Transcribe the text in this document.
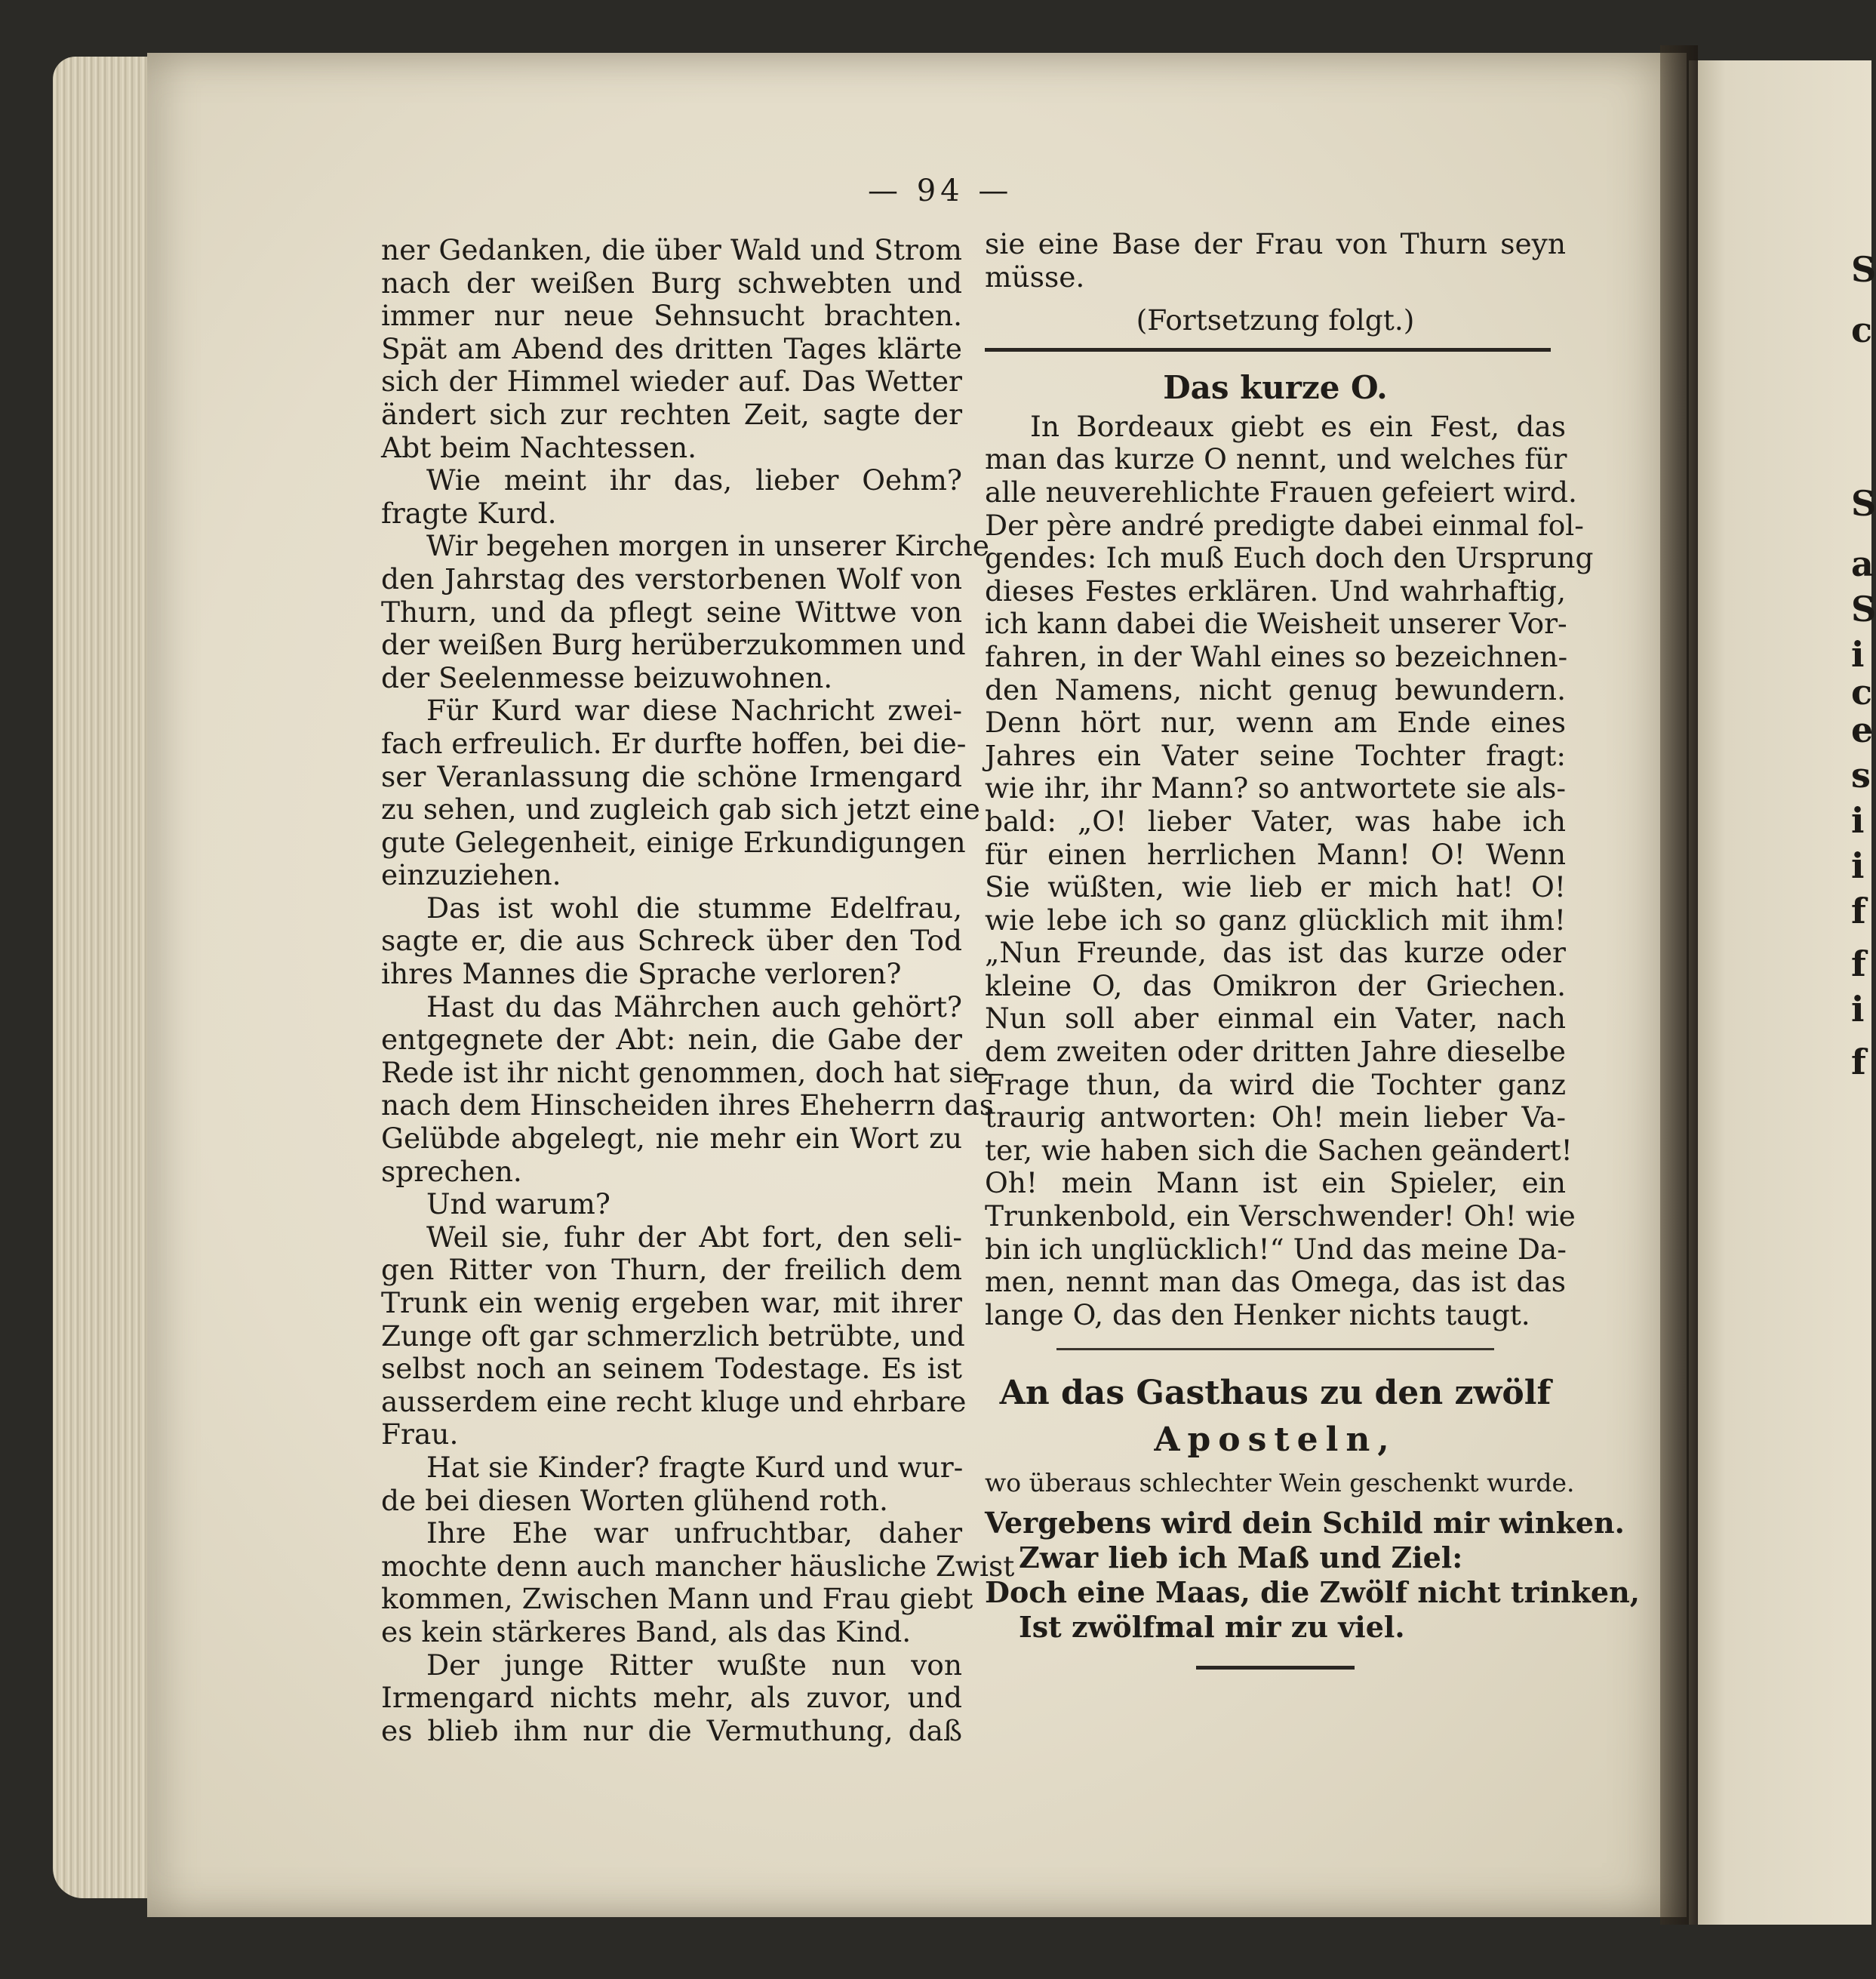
S
c
S
a
S
i
c
e
s
i
i
f
f
i
f
— 94 —
ner Gedanken, die über Wald und Strom
nach der weißen Burg schwebten und
immer nur neue Sehnsucht brachten.
Spät am Abend des dritten Tages klärte
sich der Himmel wieder auf. Das Wetter
ändert sich zur rechten Zeit, sagte der
Abt beim Nachtessen.
Wie meint ihr das, lieber Oehm?
fragte Kurd.
Wir begehen morgen in unserer Kirche
den Jahrstag des verstorbenen Wolf von
Thurn, und da pflegt seine Wittwe von
der weißen Burg herüberzukommen und
der Seelenmesse beizuwohnen.
Für Kurd war diese Nachricht zwei-
fach erfreulich. Er durfte hoffen, bei die-
ser Veranlassung die schöne Irmengard
zu sehen, und zugleich gab sich jetzt eine
gute Gelegenheit, einige Erkundigungen
einzuziehen.
Das ist wohl die stumme Edelfrau,
sagte er, die aus Schreck über den Tod
ihres Mannes die Sprache verloren?
Hast du das Mährchen auch gehört?
entgegnete der Abt: nein, die Gabe der
Rede ist ihr nicht genommen, doch hat sie
nach dem Hinscheiden ihres Eheherrn das
Gelübde abgelegt, nie mehr ein Wort zu
sprechen.
Und warum?
Weil sie, fuhr der Abt fort, den seli-
gen Ritter von Thurn, der freilich dem
Trunk ein wenig ergeben war, mit ihrer
Zunge oft gar schmerzlich betrübte, und
selbst noch an seinem Todestage. Es ist
ausserdem eine recht kluge und ehrbare
Frau.
Hat sie Kinder? fragte Kurd und wur-
de bei diesen Worten glühend roth.
Ihre Ehe war unfruchtbar, daher
mochte denn auch mancher häusliche Zwist
kommen, Zwischen Mann und Frau giebt
es kein stärkeres Band, als das Kind.
Der junge Ritter wußte nun von
Irmengard nichts mehr, als zuvor, und
es blieb ihm nur die Vermuthung, daß
sie eine Base der Frau von Thurn seyn
müsse.
(Fortsetzung folgt.)
Das kurze O.
In Bordeaux giebt es ein Fest, das
man das kurze O nennt, und welches für
alle neuverehlichte Frauen gefeiert wird.
Der père andré predigte dabei einmal fol-
gendes: Ich muß Euch doch den Ursprung
dieses Festes erklären. Und wahrhaftig,
ich kann dabei die Weisheit unserer Vor-
fahren, in der Wahl eines so bezeichnen-
den Namens, nicht genug bewundern.
Denn hört nur, wenn am Ende eines
Jahres ein Vater seine Tochter fragt:
wie ihr, ihr Mann? so antwortete sie als-
bald: „O! lieber Vater, was habe ich
für einen herrlichen Mann! O! Wenn
Sie wüßten, wie lieb er mich hat! O!
wie lebe ich so ganz glücklich mit ihm!
„Nun Freunde, das ist das kurze oder
kleine O, das Omikron der Griechen.
Nun soll aber einmal ein Vater, nach
dem zweiten oder dritten Jahre dieselbe
Frage thun, da wird die Tochter ganz
traurig antworten: Oh! mein lieber Va-
ter, wie haben sich die Sachen geändert!
Oh! mein Mann ist ein Spieler, ein
Trunkenbold, ein Verschwender! Oh! wie
bin ich unglücklich!“ Und das meine Da-
men, nennt man das Omega, das ist das
lange O, das den Henker nichts taugt.
An das Gasthaus zu den zwölf
Aposteln,
wo überaus schlechter Wein geschenkt wurde.
Vergebens wird dein Schild mir winken.
Zwar lieb ich Maß und Ziel:
Doch eine Maas, die Zwölf nicht trinken,
Ist zwölfmal mir zu viel.
